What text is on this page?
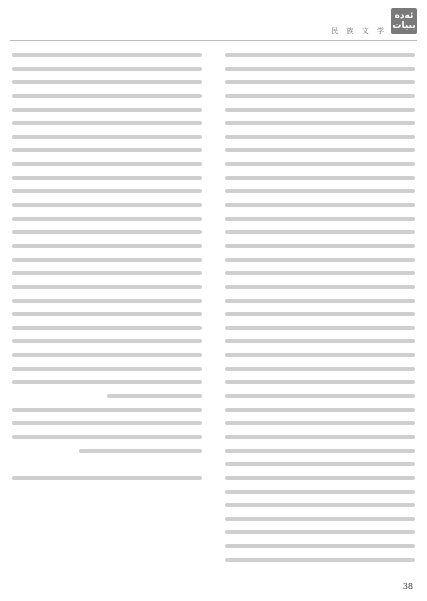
ئەدە بىيات
民 族 文 学
38
